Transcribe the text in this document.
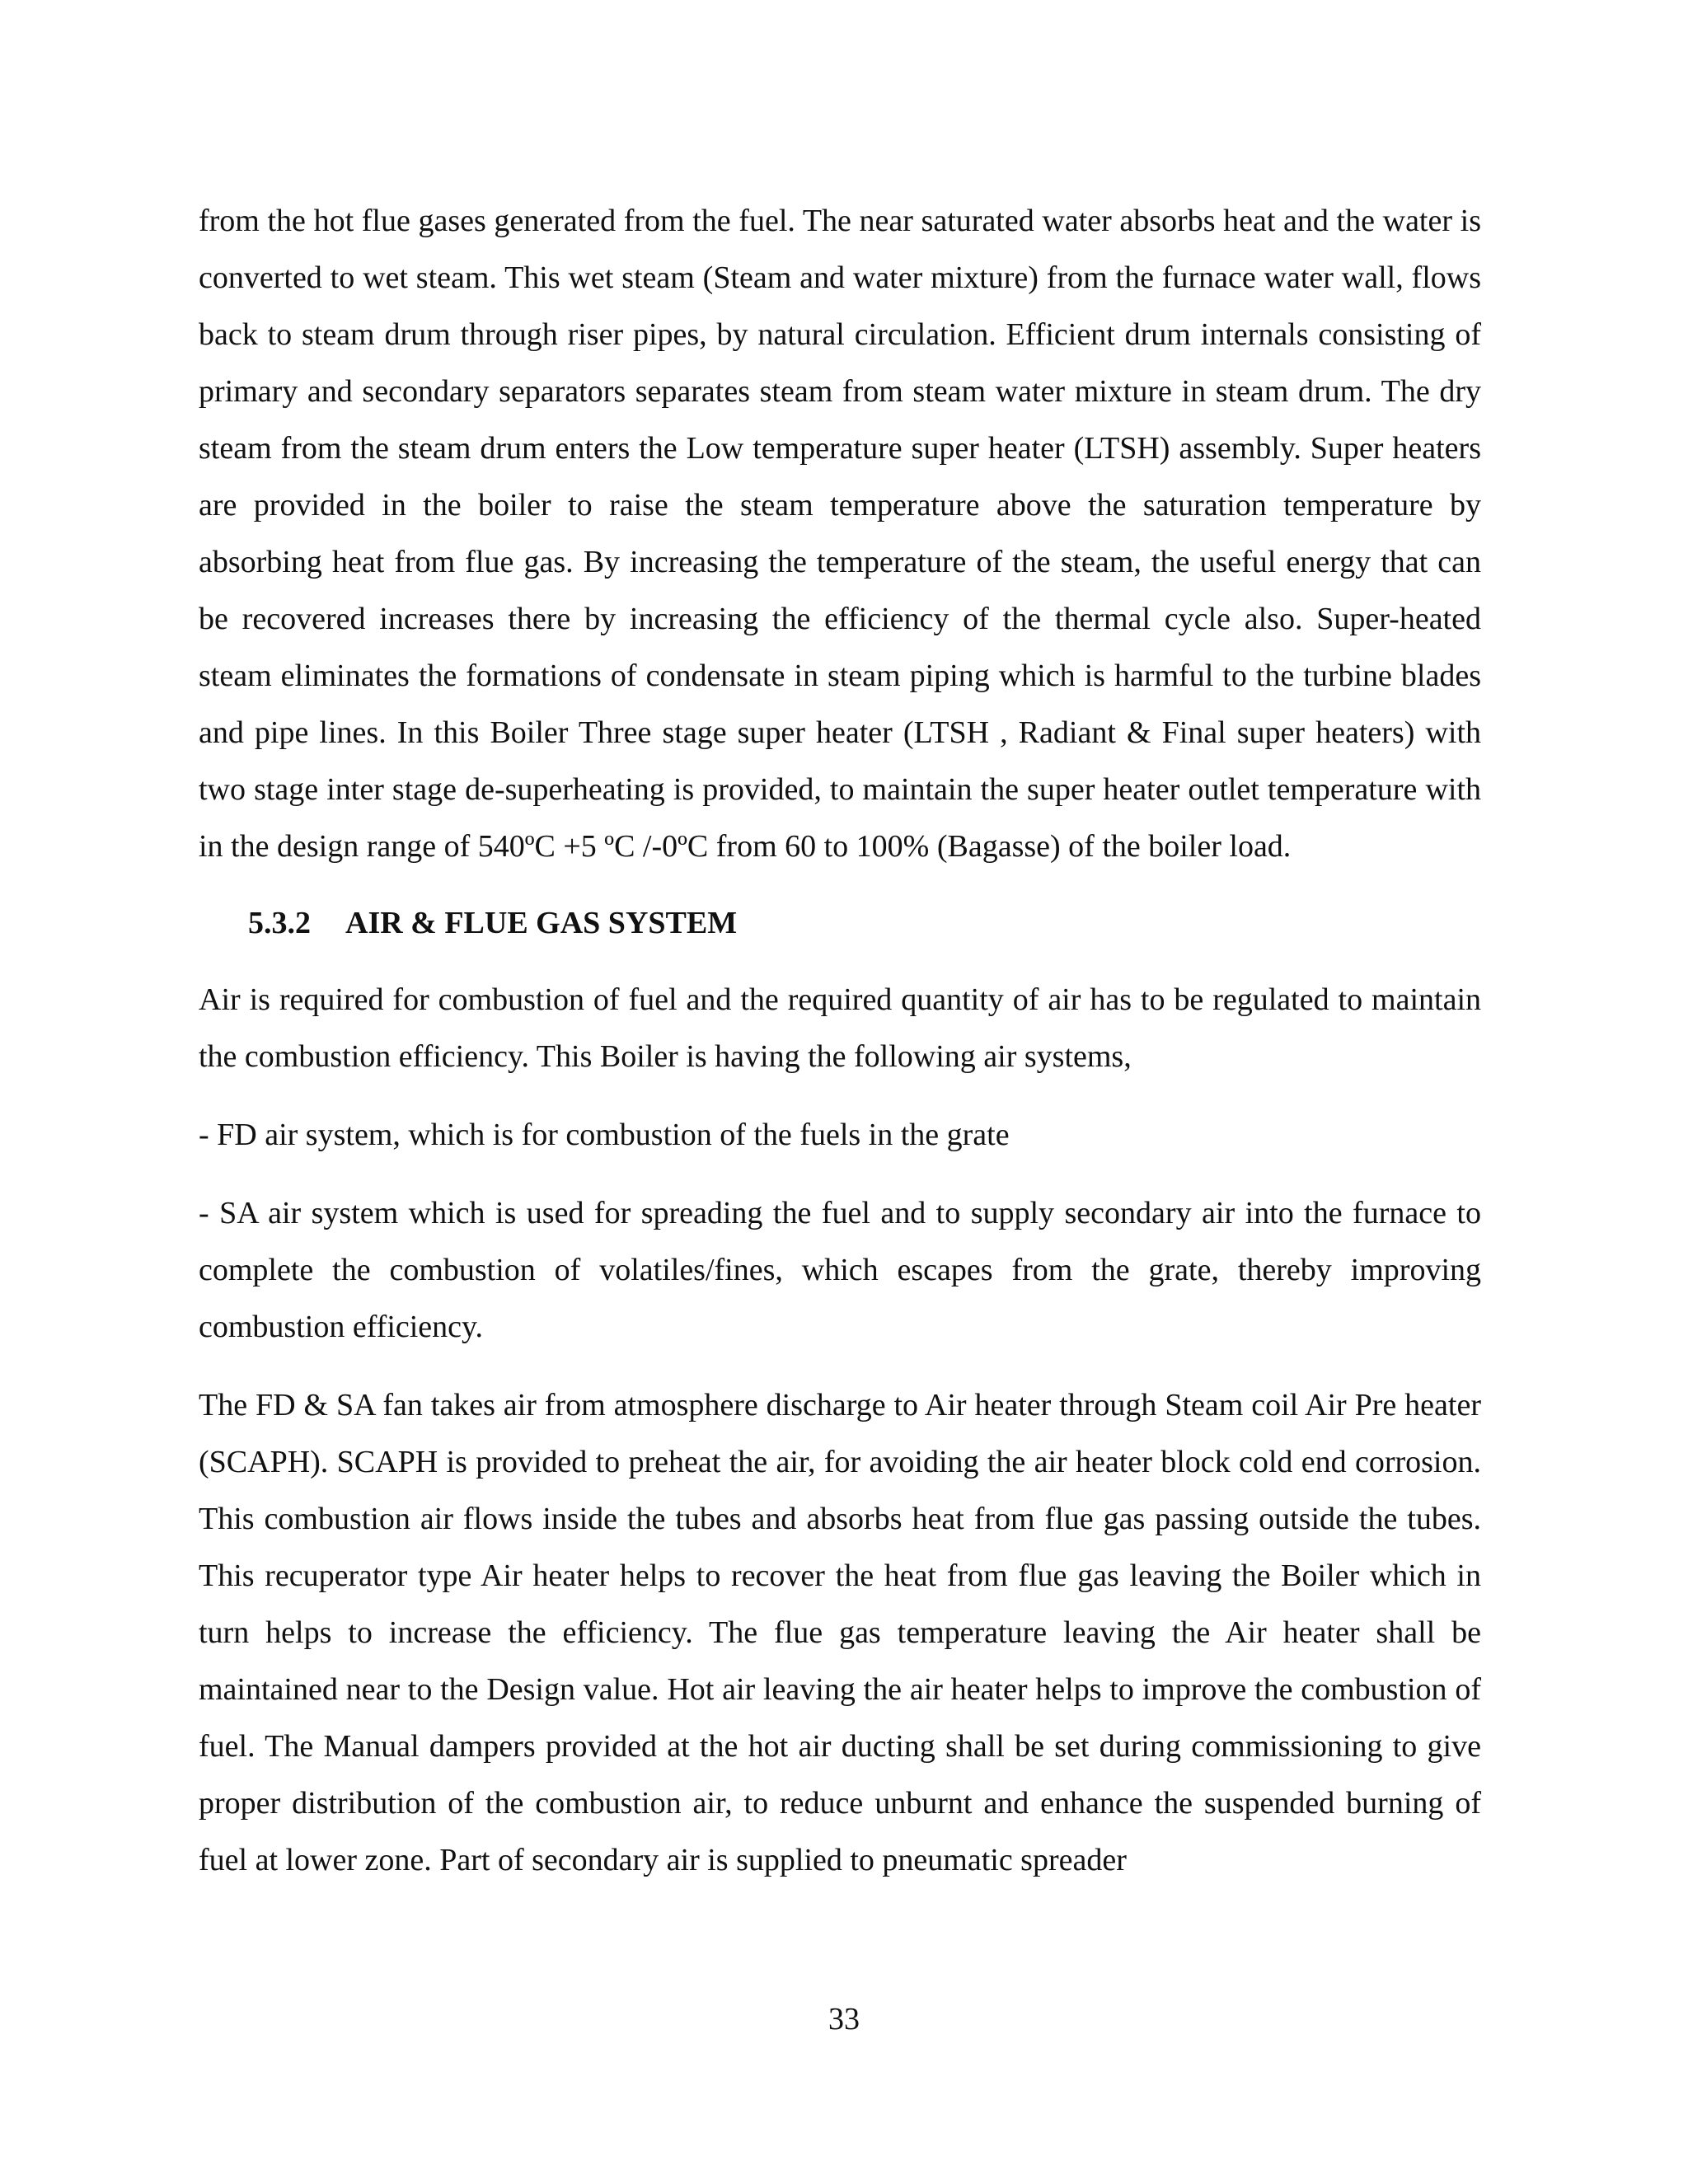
from the hot flue gases generated from the fuel. The near saturated water absorbs heat and the water is converted to wet steam. This wet steam (Steam and water mixture) from the furnace water wall, flows back to steam drum through riser pipes, by natural circulation. Efficient drum internals consisting of primary and secondary separators separates steam from steam water mixture in steam drum. The dry steam from the steam drum enters the Low temperature super heater (LTSH) assembly. Super heaters are provided in the boiler to raise the steam temperature above the saturation temperature by absorbing heat from flue gas. By increasing the temperature of the steam, the useful energy that can be recovered increases there by increasing the efficiency of the thermal cycle also. Super-heated steam eliminates the formations of condensate in steam piping which is harmful to the turbine blades and pipe lines. In this Boiler Three stage super heater (LTSH , Radiant & Final super heaters) with two stage inter stage de-superheating is provided, to maintain the super heater outlet temperature with in the design range of 540ºC +5 ºC /-0ºC from 60 to 100% (Bagasse) of the boiler load.

5.3.2 AIR & FLUE GAS SYSTEM

Air is required for combustion of fuel and the required quantity of air has to be regulated to maintain the combustion efficiency. This Boiler is having the following air systems,

- FD air system, which is for combustion of the fuels in the grate

- SA air system which is used for spreading the fuel and to supply secondary air into the furnace to complete the combustion of volatiles/fines, which escapes from the grate, thereby improving combustion efficiency.

The FD & SA fan takes air from atmosphere discharge to Air heater through Steam coil Air Pre heater (SCAPH). SCAPH is provided to preheat the air, for avoiding the air heater block cold end corrosion. This combustion air flows inside the tubes and absorbs heat from flue gas passing outside the tubes. This recuperator type Air heater helps to recover the heat from flue gas leaving the Boiler which in turn helps to increase the efficiency. The flue gas temperature leaving the Air heater shall be maintained near to the Design value. Hot air leaving the air heater helps to improve the combustion of fuel. The Manual dampers provided at the hot air ducting shall be set during commissioning to give proper distribution of the combustion air, to reduce unburnt and enhance the suspended burning of fuel at lower zone. Part of secondary air is supplied to pneumatic spreader

33
